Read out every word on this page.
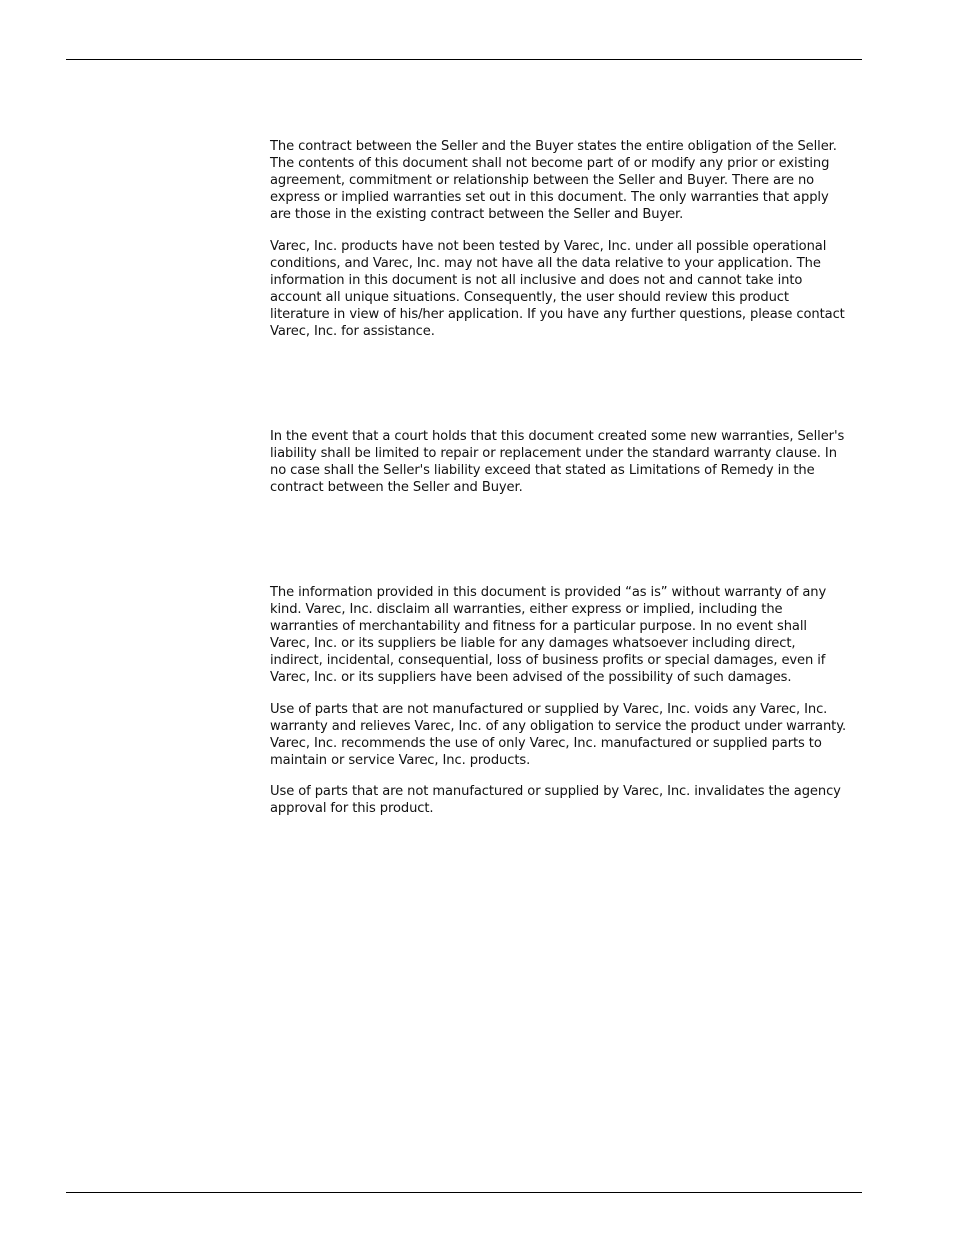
The contract between the Seller and the Buyer states the entire obligation of the Seller.
The contents of this document shall not become part of or modify any prior or existing
agreement, commitment or relationship between the Seller and Buyer. There are no
express or implied warranties set out in this document. The only warranties that apply
are those in the existing contract between the Seller and Buyer.

Varec, Inc. products have not been tested by Varec, Inc. under all possible operational
conditions, and Varec, Inc. may not have all the data relative to your application. The
information in this document is not all inclusive and does not and cannot take into
account all unique situations. Consequently, the user should review this product
literature in view of his/her application. If you have any further questions, please contact
Varec, Inc. for assistance.

In the event that a court holds that this document created some new warranties, Seller's
liability shall be limited to repair or replacement under the standard warranty clause. In
no case shall the Seller's liability exceed that stated as Limitations of Remedy in the
contract between the Seller and Buyer.

The information provided in this document is provided “as is” without warranty of any
kind. Varec, Inc. disclaim all warranties, either express or implied, including the
warranties of merchantability and fitness for a particular purpose. In no event shall
Varec, Inc. or its suppliers be liable for any damages whatsoever including direct,
indirect, incidental, consequential, loss of business profits or special damages, even if
Varec, Inc. or its suppliers have been advised of the possibility of such damages.

Use of parts that are not manufactured or supplied by Varec, Inc. voids any Varec, Inc.
warranty and relieves Varec, Inc. of any obligation to service the product under warranty.
Varec, Inc. recommends the use of only Varec, Inc. manufactured or supplied parts to
maintain or service Varec, Inc. products.

Use of parts that are not manufactured or supplied by Varec, Inc. invalidates the agency
approval for this product.
